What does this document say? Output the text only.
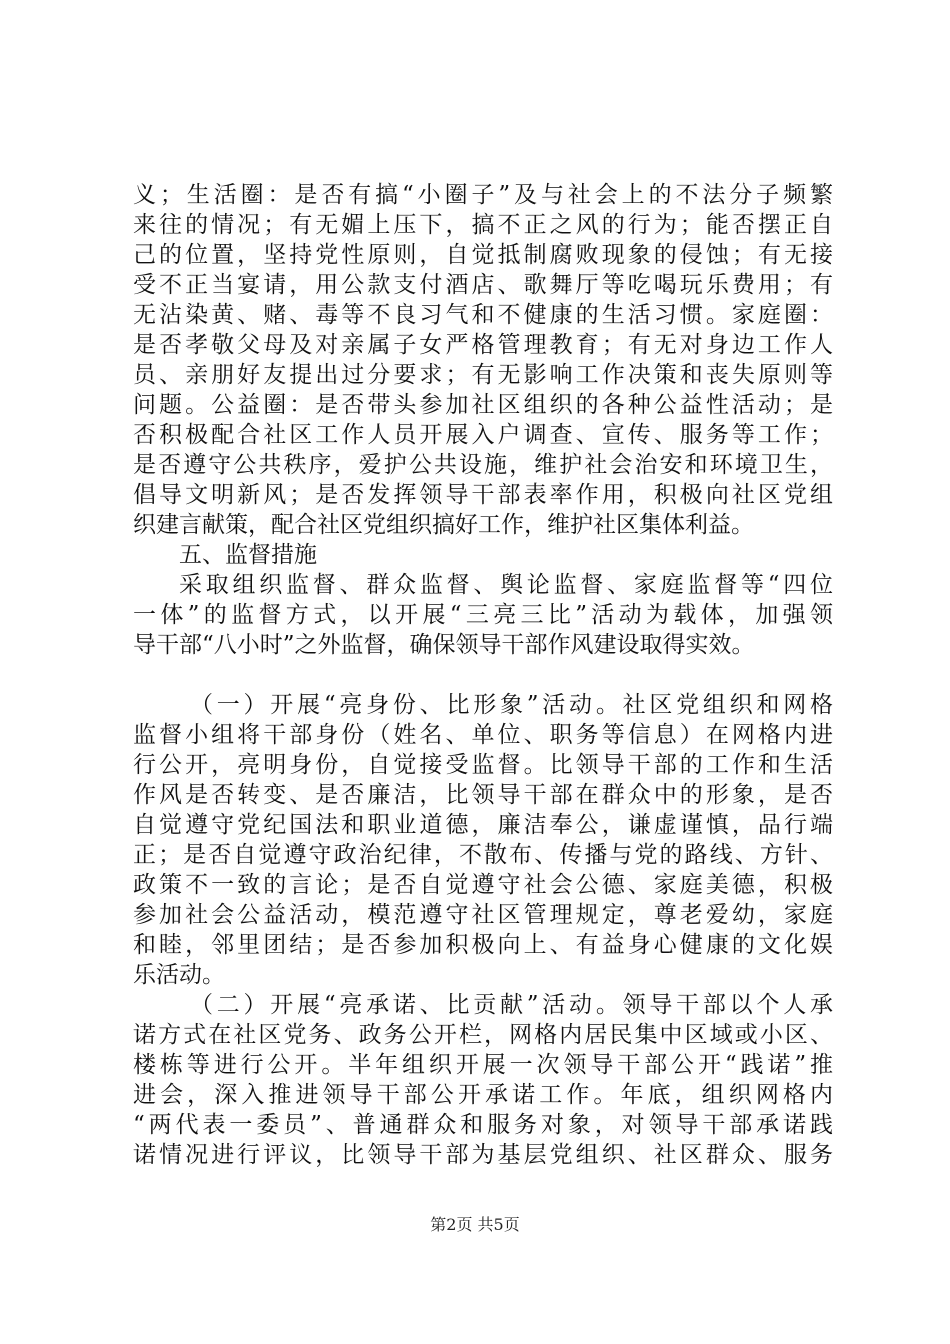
义；生活圈：是否有搞“小圈子”及与社会上的不法分子频繁
来往的情况；有无媚上压下，搞不正之风的行为；能否摆正自
己的位置，坚持党性原则，自觉抵制腐败现象的侵蚀；有无接
受不正当宴请，用公款支付酒店、歌舞厅等吃喝玩乐费用；有
无沾染黄、赌、毒等不良习气和不健康的生活习惯。家庭圈：
是否孝敬父母及对亲属子女严格管理教育；有无对身边工作人
员、亲朋好友提出过分要求；有无影响工作决策和丧失原则等
问题。公益圈：是否带头参加社区组织的各种公益性活动；是
否积极配合社区工作人员开展入户调查、宣传、服务等工作；
是否遵守公共秩序，爱护公共设施，维护社会治安和环境卫生，
倡导文明新风；是否发挥领导干部表率作用，积极向社区党组
织建言献策，配合社区党组织搞好工作，维护社区集体利益。
五、监督措施
采取组织监督、群众监督、舆论监督、家庭监督等“四位
一体”的监督方式，以开展“三亮三比”活动为载体，加强领
导干部“八小时”之外监督，确保领导干部作风建设取得实效。
（一）开展“亮身份、比形象”活动。社区党组织和网格
监督小组将干部身份（姓名、单位、职务等信息）在网格内进
行公开，亮明身份，自觉接受监督。比领导干部的工作和生活
作风是否转变、是否廉洁，比领导干部在群众中的形象，是否
自觉遵守党纪国法和职业道德，廉洁奉公，谦虚谨慎，品行端
正；是否自觉遵守政治纪律，不散布、传播与党的路线、方针、
政策不一致的言论；是否自觉遵守社会公德、家庭美德，积极
参加社会公益活动，模范遵守社区管理规定，尊老爱幼，家庭
和睦，邻里团结；是否参加积极向上、有益身心健康的文化娱
乐活动。
（二）开展“亮承诺、比贡献”活动。领导干部以个人承
诺方式在社区党务、政务公开栏，网格内居民集中区域或小区、
楼栋等进行公开。半年组织开展一次领导干部公开“践诺”推
进会，深入推进领导干部公开承诺工作。年底，组织网格内
“两代表一委员”、普通群众和服务对象，对领导干部承诺践
诺情况进行评议，比领导干部为基层党组织、社区群众、服务
第2页 共5页
